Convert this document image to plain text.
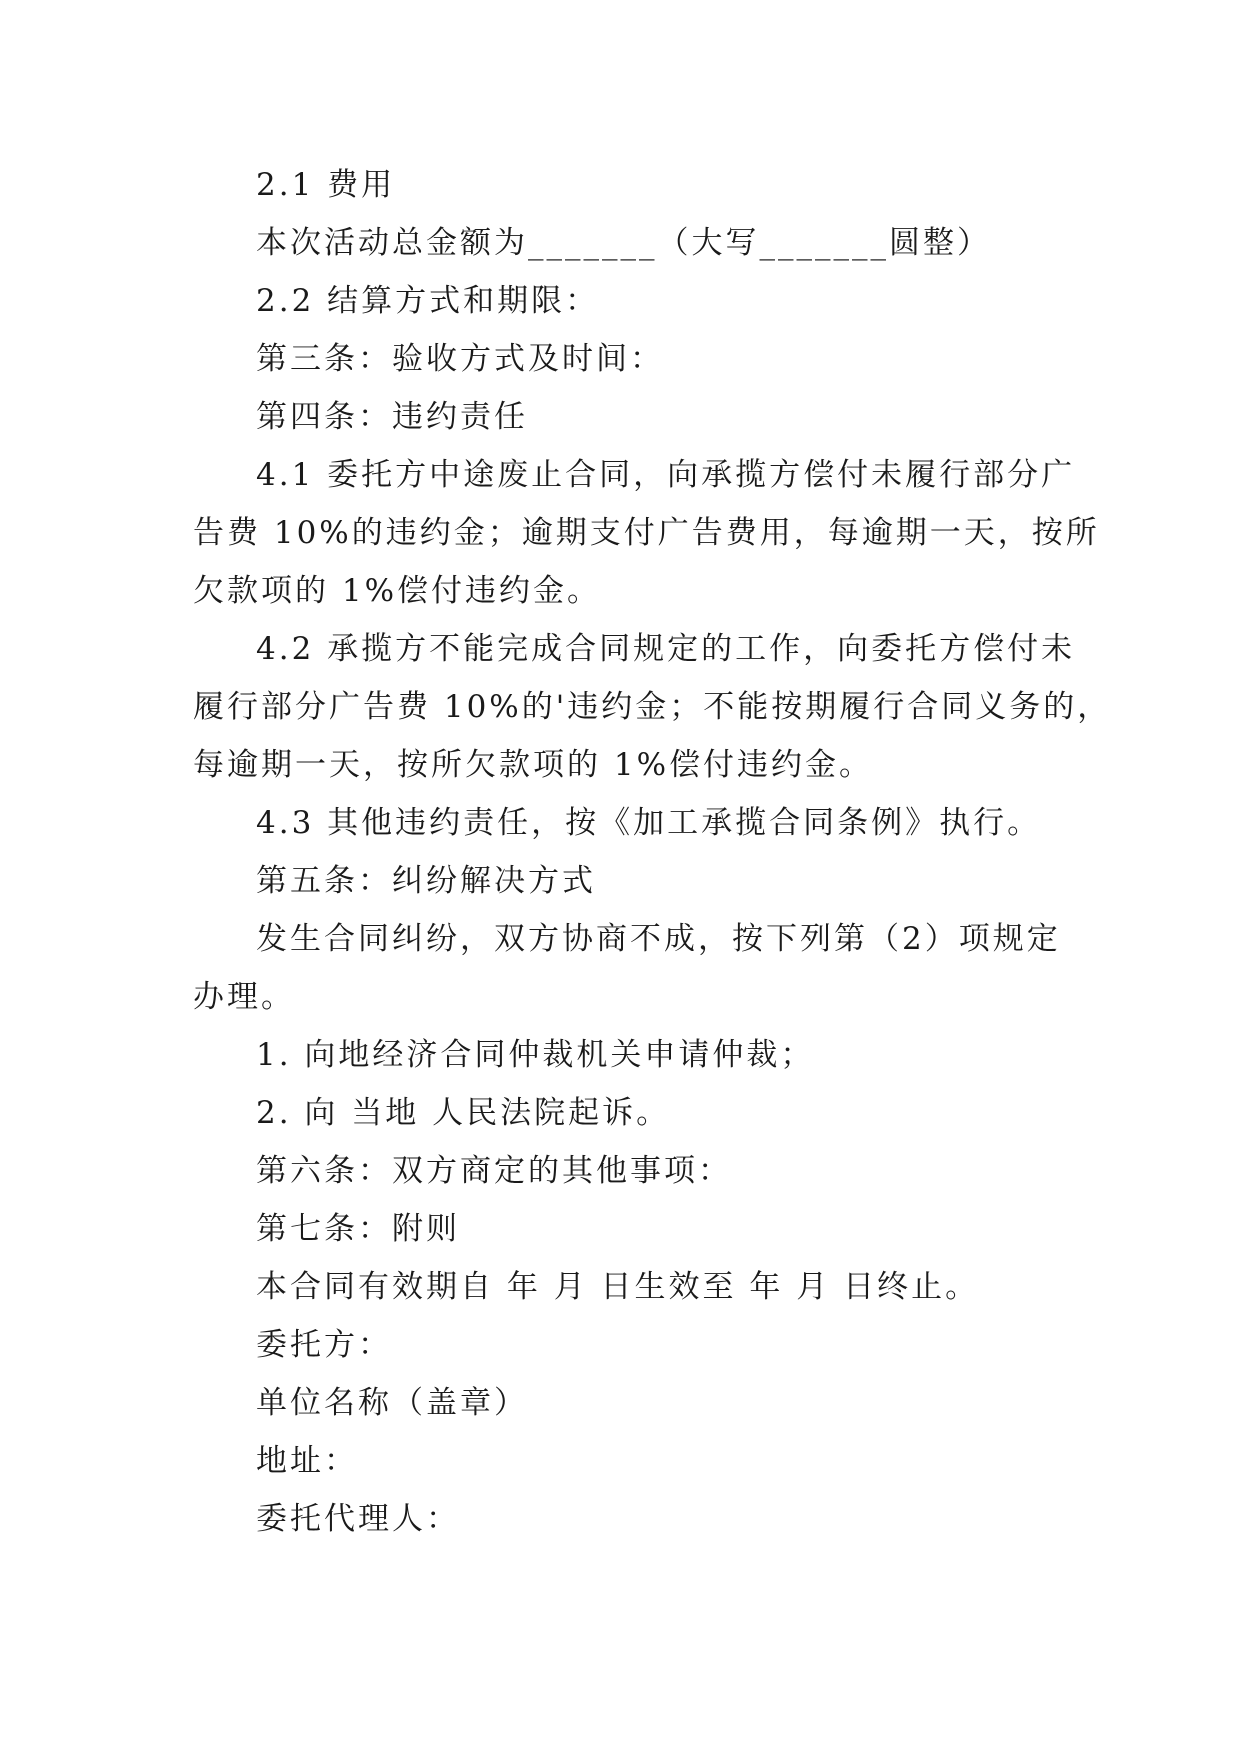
2.1 费用
本次活动总金额为_______（大写_______圆整）
2.2 结算方式和期限：
第三条：验收方式及时间：
第四条：违约责任
4.1 委托方中途废止合同，向承揽方偿付未履行部分广
告费 10%的违约金；逾期支付广告费用，每逾期一天，按所
欠款项的 1%偿付违约金。
4.2 承揽方不能完成合同规定的工作，向委托方偿付未
履行部分广告费 10%的'违约金；不能按期履行合同义务的，
每逾期一天，按所欠款项的 1%偿付违约金。
4.3 其他违约责任，按《加工承揽合同条例》执行。
第五条：纠纷解决方式
发生合同纠纷，双方协商不成，按下列第（2）项规定
办理。
1. 向地经济合同仲裁机关申请仲裁；
2. 向 当地 人民法院起诉。
第六条：双方商定的其他事项：
第七条：附则
本合同有效期自 年 月 日生效至 年 月 日终止。
委托方：
单位名称（盖章）
地址：
委托代理人：
